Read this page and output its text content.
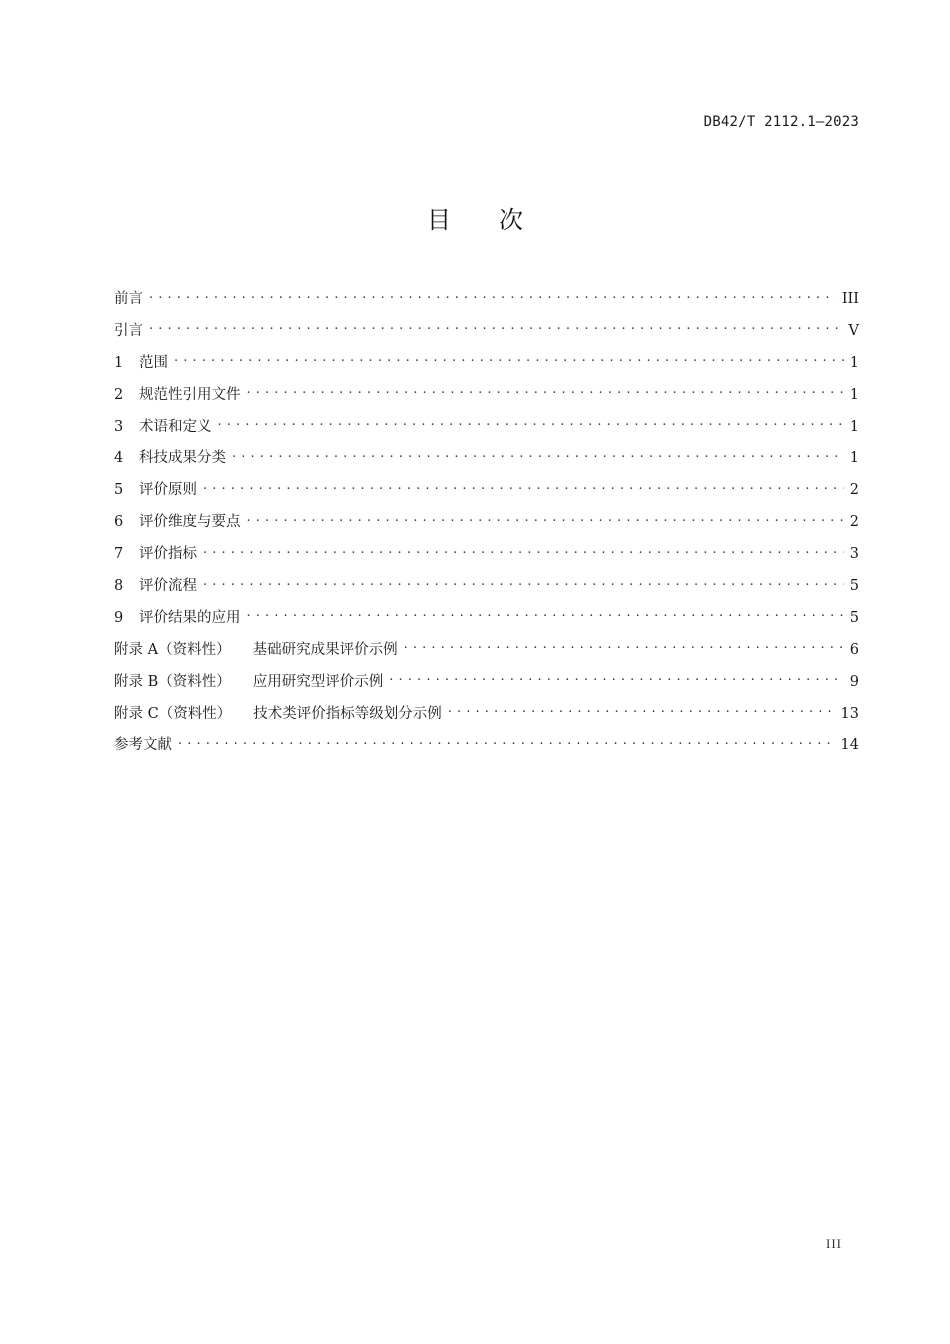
DB42/T 2112.1—2023
目 次
前言 . . .	III
引言 . . .	V
1	范围 . . .	1
2	规范性引用文件 . . .	1
3	术语和定义 . . .	1
4	科技成果分类 . . .	1
5	评价原则 . . .	2
6	评价维度与要点 . . .	2
7	评价指标 . . .	3
8	评价流程 . . .	5
9	评价结果的应用 . . .	5
附录 A（资料性） 基础研究成果评价示例 . . .	6
附录 B（资料性） 应用研究型评价示例 . . .	9
附录 C（资料性） 技术类评价指标等级划分示例 . . .	13
参考文献 . . .	14
III
